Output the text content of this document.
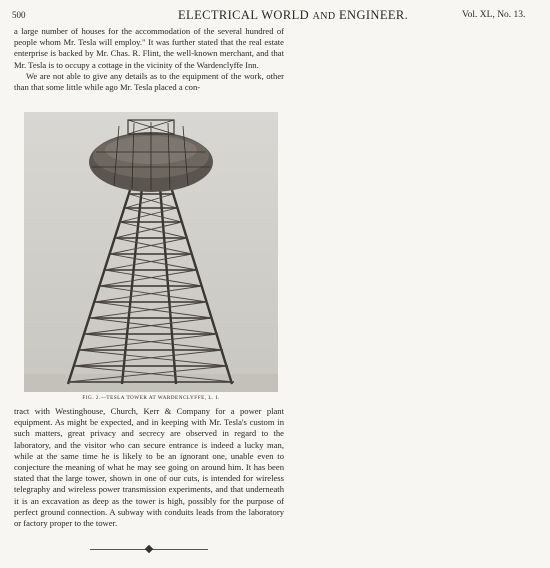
500	ELECTRICAL WORLD AND ENGINEER.	Vol. XL, No. 13.

a large number of houses for the accommodation of the several hundred of people whom Mr. Tesla will employ." It was further stated that the real estate enterprise is backed by Mr. Chas. R. Flint, the well-known merchant, and that Mr. Tesla is to occupy a cottage in the vicinity of the Wardenclyffe Inn.

We are not able to give any details as to the equipment of the work, other than that some little while ago Mr. Tesla placed a con-

FIG. 2.—TESLA TOWER AT WARDENCLYFFE, L. I.

tract with Westinghouse, Church, Kerr & Company for a power plant equipment. As might be expected, and in keeping with Mr. Tesla's custom in such matters, great privacy and secrecy are observed in regard to the laboratory, and the visitor who can secure entrance is indeed a lucky man, while at the same time he is likely to be an ignorant one, unable even to conjecture the meaning of what he may see going on around him. It has been stated that the large tower, shown in one of our cuts, is intended for wireless telegraphy and wireless power transmission experiments, and that underneath it is an excavation as deep as the tower is high, possibly for the purpose of perfect ground connection. A subway with conduits leads from the laboratory or factory proper to the tower.
